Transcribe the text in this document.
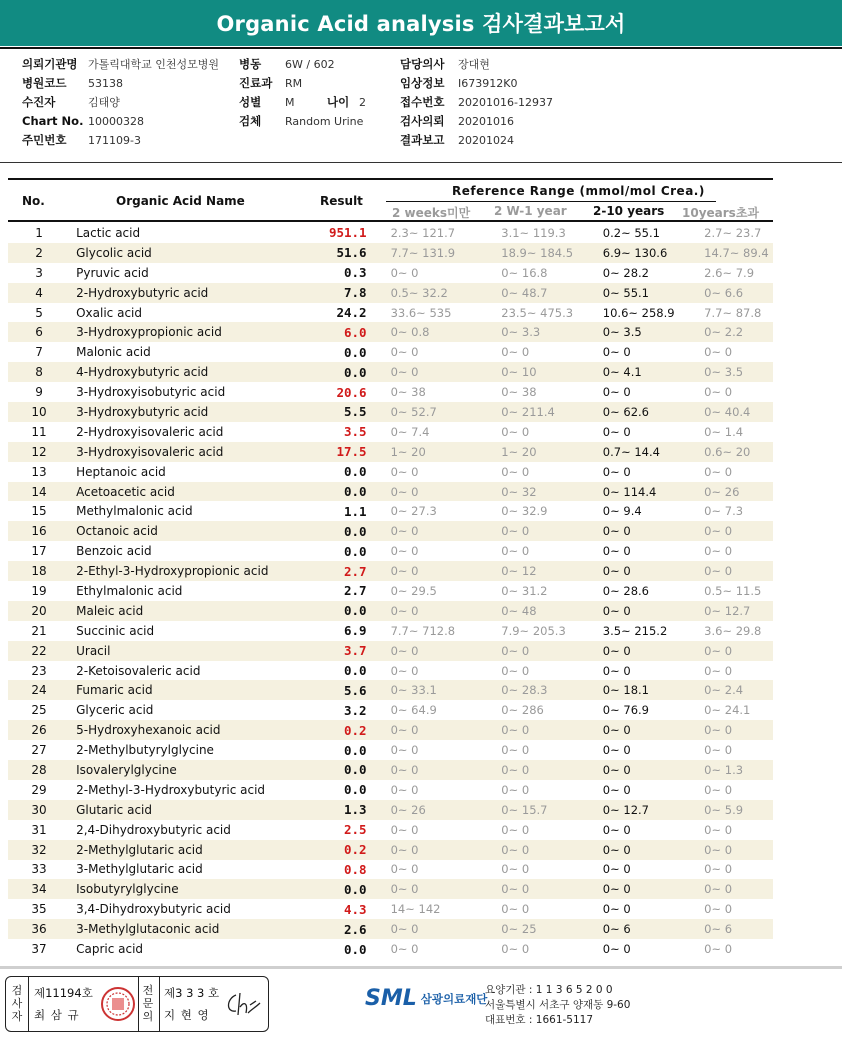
Organic Acid analysis 검사결과보고서
의뢰기관명 가톨릭대학교 인천성모병원
병원코드 53138
수진자	김태양
Chart No. 10000328
주민번호 171109-3
병동 6W / 602
진료과 RM
성별 M	나이 2
검체 Random Urine
담당의사 장대현
임상정보 I673912K0
접수번호 20201016-12937
검사의뢰 20201016
결과보고 20201024
No.	Organic Acid Name	Result
Reference Range (mmol/mol Crea.)
2 weeks미만 2 W-1 year 2-10 years 10years초과
1	Lactic acid	951.1	2.3~ 121.7	3.1~ 119.3	0.2~ 55.1	2.7~ 23.7
2	Glycolic acid	51.6	7.7~ 131.9	18.9~ 184.5	6.9~ 130.6	14.7~ 89.4
3	Pyruvic acid	0.3	0~ 0	0~ 16.8	0~ 28.2	2.6~ 7.9
4	2-Hydroxybutyric acid	7.8	0.5~ 32.2	0~ 48.7	0~ 55.1	0~ 6.6
5	Oxalic acid	24.2	33.6~ 535	23.5~ 475.3	10.6~ 258.9	7.7~ 87.8
6	3-Hydroxypropionic acid	6.0	0~ 0.8	0~ 3.3	0~ 3.5	0~ 2.2
7	Malonic acid	0.0	0~ 0	0~ 0	0~ 0	0~ 0
8	4-Hydroxybutyric acid	0.0	0~ 0	0~ 10	0~ 4.1	0~ 3.5
9	3-Hydroxyisobutyric acid	20.6	0~ 38	0~ 38	0~ 0	0~ 0
10	3-Hydroxybutyric acid	5.5	0~ 52.7	0~ 211.4	0~ 62.6	0~ 40.4
11	2-Hydroxyisovaleric acid	3.5	0~ 7.4	0~ 0	0~ 0	0~ 1.4
12	3-Hydroxyisovaleric acid	17.5	1~ 20	1~ 20	0.7~ 14.4	0.6~ 20
13	Heptanoic acid	0.0	0~ 0	0~ 0	0~ 0	0~ 0
14	Acetoacetic acid	0.0	0~ 0	0~ 32	0~ 114.4	0~ 26
15	Methylmalonic acid	1.1	0~ 27.3	0~ 32.9	0~ 9.4	0~ 7.3
16	Octanoic acid	0.0	0~ 0	0~ 0	0~ 0	0~ 0
17	Benzoic acid	0.0	0~ 0	0~ 0	0~ 0	0~ 0
18	2-Ethyl-3-Hydroxypropionic acid	2.7	0~ 0	0~ 12	0~ 0	0~ 0
19	Ethylmalonic acid	2.7	0~ 29.5	0~ 31.2	0~ 28.6	0.5~ 11.5
20	Maleic acid	0.0	0~ 0	0~ 48	0~ 0	0~ 12.7
21	Succinic acid	6.9	7.7~ 712.8	7.9~ 205.3	3.5~ 215.2	3.6~ 29.8
22	Uracil	3.7	0~ 0	0~ 0	0~ 0	0~ 0
23	2-Ketoisovaleric acid	0.0	0~ 0	0~ 0	0~ 0	0~ 0
24	Fumaric acid	5.6	0~ 33.1	0~ 28.3	0~ 18.1	0~ 2.4
25	Glyceric acid	3.2	0~ 64.9	0~ 286	0~ 76.9	0~ 24.1
26	5-Hydroxyhexanoic acid	0.2	0~ 0	0~ 0	0~ 0	0~ 0
27	2-Methylbutyrylglycine	0.0	0~ 0	0~ 0	0~ 0	0~ 0
28	Isovalerylglycine	0.0	0~ 0	0~ 0	0~ 0	0~ 1.3
29	2-Methyl-3-Hydroxybutyric acid	0.0	0~ 0	0~ 0	0~ 0	0~ 0
30	Glutaric acid	1.3	0~ 26	0~ 15.7	0~ 12.7	0~ 5.9
31	2,4-Dihydroxybutyric acid	2.5	0~ 0	0~ 0	0~ 0	0~ 0
32	2-Methylglutaric acid	0.2	0~ 0	0~ 0	0~ 0	0~ 0
33	3-Methylglutaric acid	0.8	0~ 0	0~ 0	0~ 0	0~ 0
34	Isobutyrylglycine	0.0	0~ 0	0~ 0	0~ 0	0~ 0
35	3,4-Dihydroxybutyric acid	4.3	14~ 142	0~ 0	0~ 0	0~ 0
36	3-Methylglutaconic acid	2.6	0~ 0	0~ 25	0~ 6	0~ 6
37	Capric acid	0.0	0~ 0	0~ 0	0~ 0	0~ 0
검사자
제11194호
최 삼 규
전문의
제3 3 3 호
지 현 영
SML 삼광의료재단
요양기관 : 1 1 3 6 5 2 0 0
서울특별시 서초구 양재동 9-60
대표번호 : 1661-5117
